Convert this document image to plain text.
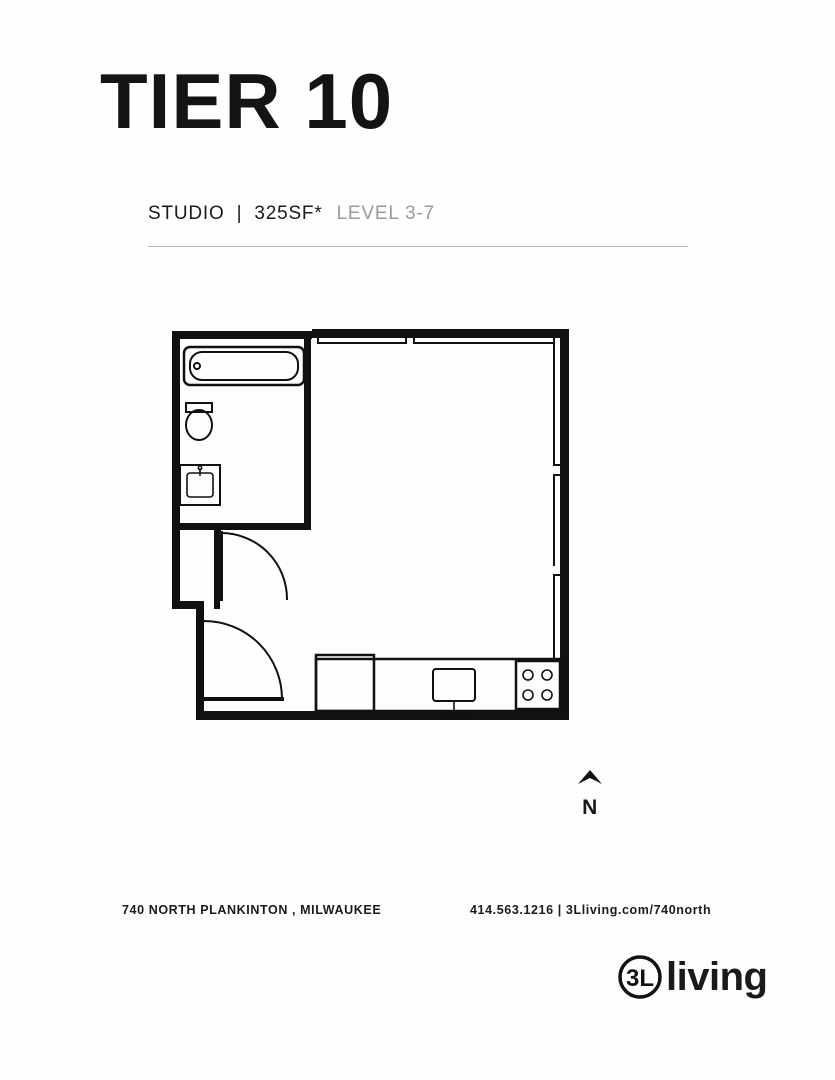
TIER 10
STUDIO | 325SF* LEVEL 3-7
N
740 NORTH PLANKINTON , MILWAUKEE	414.563.1216 | 3Lliving.com/740north
3L living
